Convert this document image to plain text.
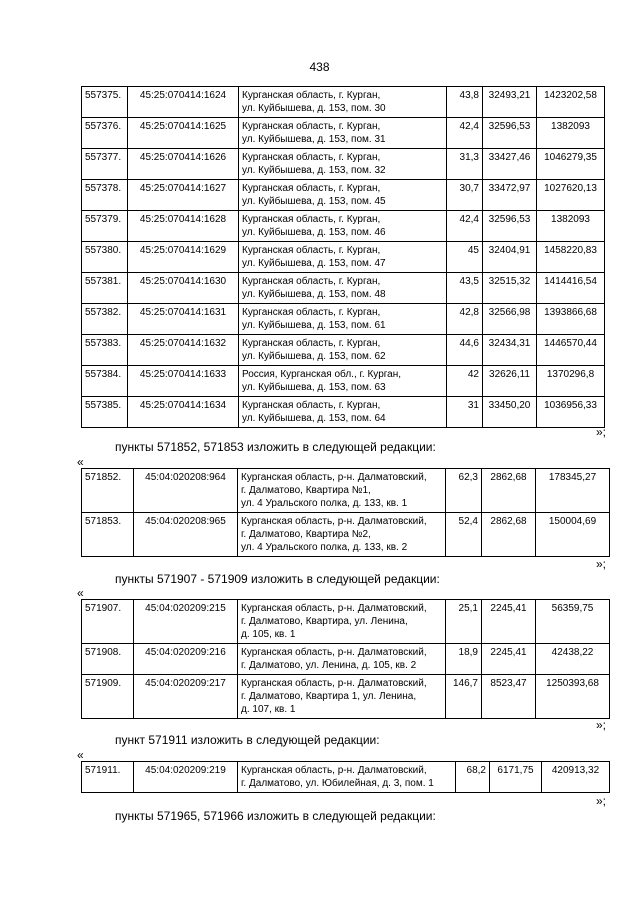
438
557375.	45:25:070414:1624	Курганская область, г. Курган,
ул. Куйбышева, д. 153, пом. 30	43,8	32493,21	1423202,58
557376.	45:25:070414:1625	Курганская область, г. Курган,
ул. Куйбышева, д. 153, пом. 31	42,4	32596,53	1382093
557377.	45:25:070414:1626	Курганская область, г. Курган,
ул. Куйбышева, д. 153, пом. 32	31,3	33427,46	1046279,35
557378.	45:25:070414:1627	Курганская область, г. Курган,
ул. Куйбышева, д. 153, пом. 45	30,7	33472,97	1027620,13
557379.	45:25:070414:1628	Курганская область, г. Курган,
ул. Куйбышева, д. 153, пом. 46	42,4	32596,53	1382093
557380.	45:25:070414:1629	Курганская область, г. Курган,
ул. Куйбышева, д. 153, пом. 47	45	32404,91	1458220,83
557381.	45:25:070414:1630	Курганская область, г. Курган,
ул. Куйбышева, д. 153, пом. 48	43,5	32515,32	1414416,54
557382.	45:25:070414:1631	Курганская область, г. Курган,
ул. Куйбышева, д. 153, пом. 61	42,8	32566,98	1393866,68
557383.	45:25:070414:1632	Курганская область, г. Курган,
ул. Куйбышева, д. 153, пом. 62	44,6	32434,31	1446570,44
557384.	45:25:070414:1633	Россия, Курганская обл., г. Курган,
ул. Куйбышева, д. 153, пом. 63	42	32626,11	1370296,8
557385.	45:25:070414:1634	Курганская область, г. Курган,
ул. Куйбышева, д. 153, пом. 64	31	33450,20	1036956,33
»;
пункты 571852, 571853 изложить в следующей редакции:
«
571852.	45:04:020208:964	Курганская область, р-н. Далматовский,
г. Далматово, Квартира №1,
ул. 4 Уральского полка, д. 133, кв. 1	62,3	2862,68	178345,27
571853.	45:04:020208:965	Курганская область, р-н. Далматовский,
г. Далматово, Квартира №2,
ул. 4 Уральского полка, д. 133, кв. 2	52,4	2862,68	150004,69
»;
пункты 571907 - 571909 изложить в следующей редакции:
«
571907.	45:04:020209:215	Курганская область, р-н. Далматовский,
г. Далматово, Квартира, ул. Ленина,
д. 105, кв. 1	25,1	2245,41	56359,75
571908.	45:04:020209:216	Курганская область, р-н. Далматовский,
г. Далматово, ул. Ленина, д. 105, кв. 2	18,9	2245,41	42438,22
571909.	45:04:020209:217	Курганская область, р-н. Далматовский,
г. Далматово, Квартира 1, ул. Ленина,
д. 107, кв. 1	146,7	8523,47	1250393,68
»;
пункт 571911 изложить в следующей редакции:
«
571911.	45:04:020209:219	Курганская область, р-н. Далматовский,
г. Далматово, ул. Юбилейная, д. 3, пом. 1
	68,2	6171,75	420913,32
»;
пункты 571965, 571966 изложить в следующей редакции:
